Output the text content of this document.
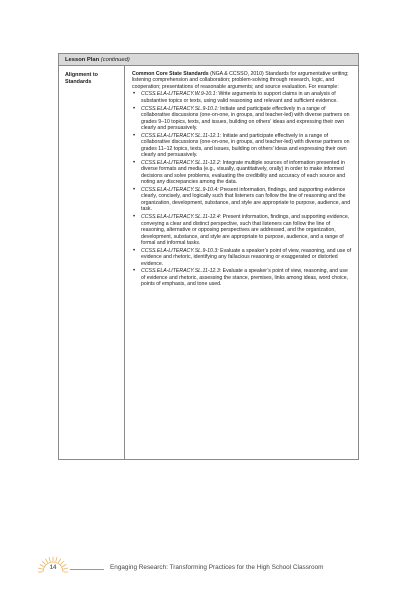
Lesson Plan (continued)
Alignment to Standards
Common Core State Standards (NGA & CCSSO, 2010) Standards for argumentative writing; listening comprehension and collaboration; problem-solving through research, logic, and cooperation; presentations of reasonable arguments; and source evaluation. For example:
• CCSS.ELA-LITERACY.W.9-10.1: Write arguments to support claims in an analysis of substantive topics or texts, using valid reasoning and relevant and sufficient evidence.
• CCSS.ELA-LITERACY.SL.9-10.1: Initiate and participate effectively in a range of collaborative discussions (one-on-one, in groups, and teacher-led) with diverse partners on grades 9–10 topics, texts, and issues, building on others’ ideas and expressing their own clearly and persuasively.
• CCSS.ELA-LITERACY.SL.11-12.1: Initiate and participate effectively in a range of collaborative discussions (one-on-one, in groups, and teacher-led) with diverse partners on grades 11–12 topics, texts, and issues, building on others’ ideas and expressing their own clearly and persuasively.
• CCSS.ELA-LITERACY.SL.11-12.2: Integrate multiple sources of information presented in diverse formats and media (e.g., visually, quantitatively, orally) in order to make informed decisions and solve problems, evaluating the credibility and accuracy of each source and noting any discrepancies among the data.
• CCSS.ELA-LITERACY.SL.9-10.4: Present information, findings, and supporting evidence clearly, concisely, and logically such that listeners can follow the line of reasoning and the organization, development, substance, and style are appropriate to purpose, audience, and task.
• CCSS.ELA-LITERACY.SL.11-12.4: Present information, findings, and supporting evidence, conveying a clear and distinct perspective, such that listeners can follow the line of reasoning, alternative or opposing perspectives are addressed, and the organization, development, substance, and style are appropriate to purpose, audience, and a range of formal and informal tasks.
• CCSS.ELA-LITERACY.SL.9-10.3: Evaluate a speaker’s point of view, reasoning, and use of evidence and rhetoric, identifying any fallacious reasoning or exaggerated or distorted evidence.
• CCSS.ELA-LITERACY.SL.11-12.3: Evaluate a speaker’s point of view, reasoning, and use of evidence and rhetoric, assessing the stance, premises, links among ideas, word choice, points of emphasis, and tone used.
14	Engaging Research: Transforming Practices for the High School Classroom
